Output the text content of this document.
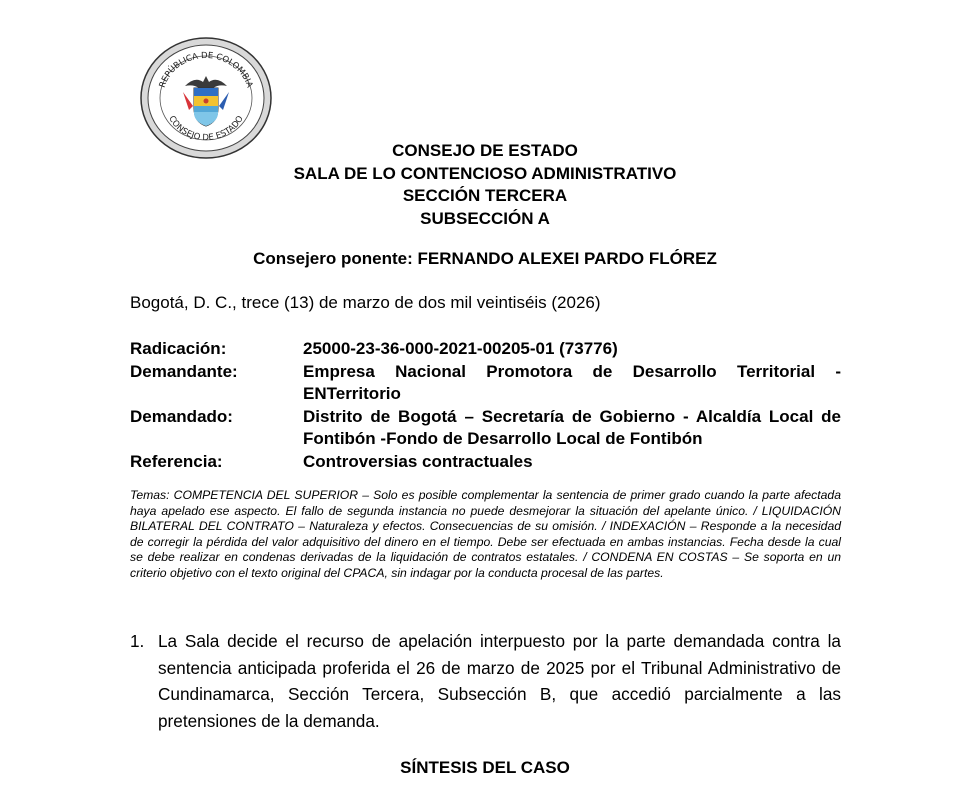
REPÚBLICA DE COLOMBIA
CONSEJO DE ESTADO
CONSEJO DE ESTADO
SALA DE LO CONTENCIOSO ADMINISTRATIVO
SECCIÓN TERCERA
SUBSECCIÓN A
Consejero ponente: FERNANDO ALEXEI PARDO FLÓREZ
Bogotá, D. C., trece (13) de marzo de dos mil veintiséis (2026)
Radicación:	25000-23-36-000-2021-00205-01 (73776)
Demandante:	Empresa Nacional Promotora de Desarrollo Territorial - ENTerritorio
Demandado:	Distrito de Bogotá – Secretaría de Gobierno - Alcaldía Local de Fontibón -Fondo de Desarrollo Local de Fontibón
Referencia:	Controversias contractuales
Temas: COMPETENCIA DEL SUPERIOR – Solo es posible complementar la sentencia de primer grado cuando la parte afectada haya apelado ese aspecto. El fallo de segunda instancia no puede desmejorar la situación del apelante único. / LIQUIDACIÓN BILATERAL DEL CONTRATO – Naturaleza y efectos. Consecuencias de su omisión. / INDEXACIÓN – Responde a la necesidad de corregir la pérdida del valor adquisitivo del dinero en el tiempo. Debe ser efectuada en ambas instancias. Fecha desde la cual se debe realizar en condenas derivadas de la liquidación de contratos estatales. / CONDENA EN COSTAS – Se soporta en un criterio objetivo con el texto original del CPACA, sin indagar por la conducta procesal de las partes.
1. La Sala decide el recurso de apelación interpuesto por la parte demandada contra la sentencia anticipada proferida el 26 de marzo de 2025 por el Tribunal Administrativo de Cundinamarca, Sección Tercera, Subsección B, que accedió parcialmente a las pretensiones de la demanda.
SÍNTESIS DEL CASO
